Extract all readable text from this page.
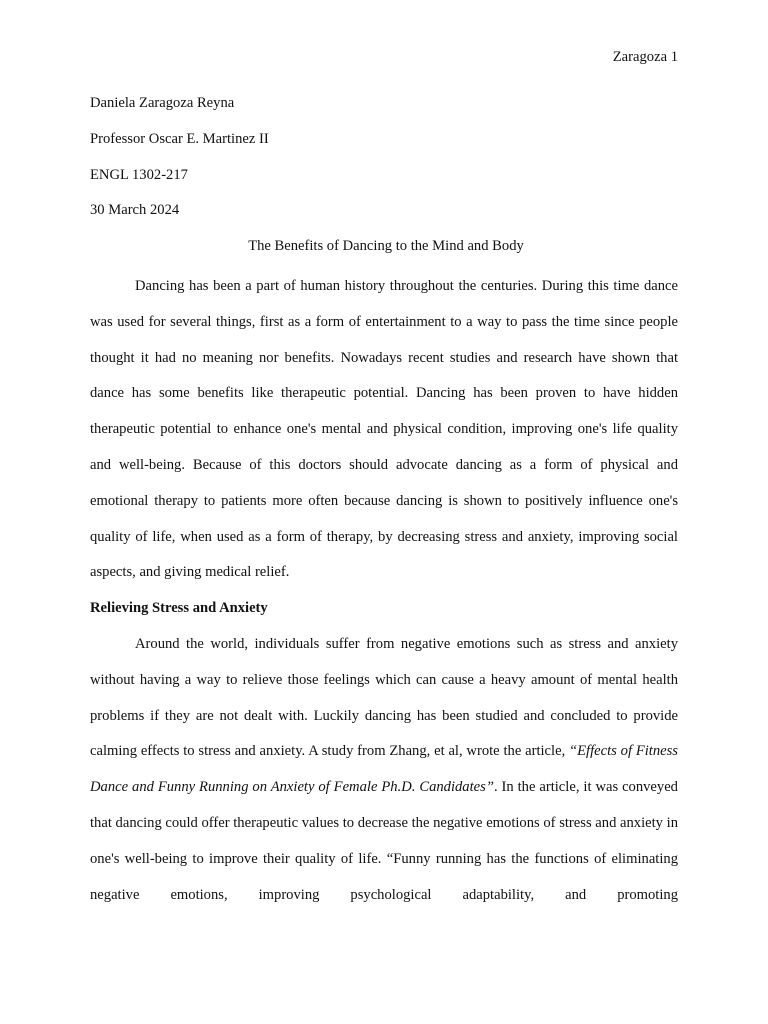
Zaragoza 1
Daniela Zaragoza Reyna
Professor Oscar E. Martinez II
ENGL 1302-217
30 March 2024
The Benefits of Dancing to the Mind and Body

Dancing has been a part of human history throughout the centuries. During this time dance was used for several things, first as a form of entertainment to a way to pass the time since people thought it had no meaning nor benefits. Nowadays recent studies and research have shown that dance has some benefits like therapeutic potential. Dancing has been proven to have hidden therapeutic potential to enhance one's mental and physical condition, improving one's life quality and well-being. Because of this doctors should advocate dancing as a form of physical and emotional therapy to patients more often because dancing is shown to positively influence one's quality of life, when used as a form of therapy, by decreasing stress and anxiety, improving social aspects, and giving medical relief.

Relieving Stress and Anxiety

Around the world, individuals suffer from negative emotions such as stress and anxiety without having a way to relieve those feelings which can cause a heavy amount of mental health problems if they are not dealt with. Luckily dancing has been studied and concluded to provide calming effects to stress and anxiety. A study from Zhang, et al, wrote the article, “Effects of Fitness Dance and Funny Running on Anxiety of Female Ph.D. Candidates”. In the article, it was conveyed that dancing could offer therapeutic values to decrease the negative emotions of stress and anxiety in one's well-being to improve their quality of life. “Funny running has the functions of eliminating negative emotions, improving psychological adaptability, and promoting
